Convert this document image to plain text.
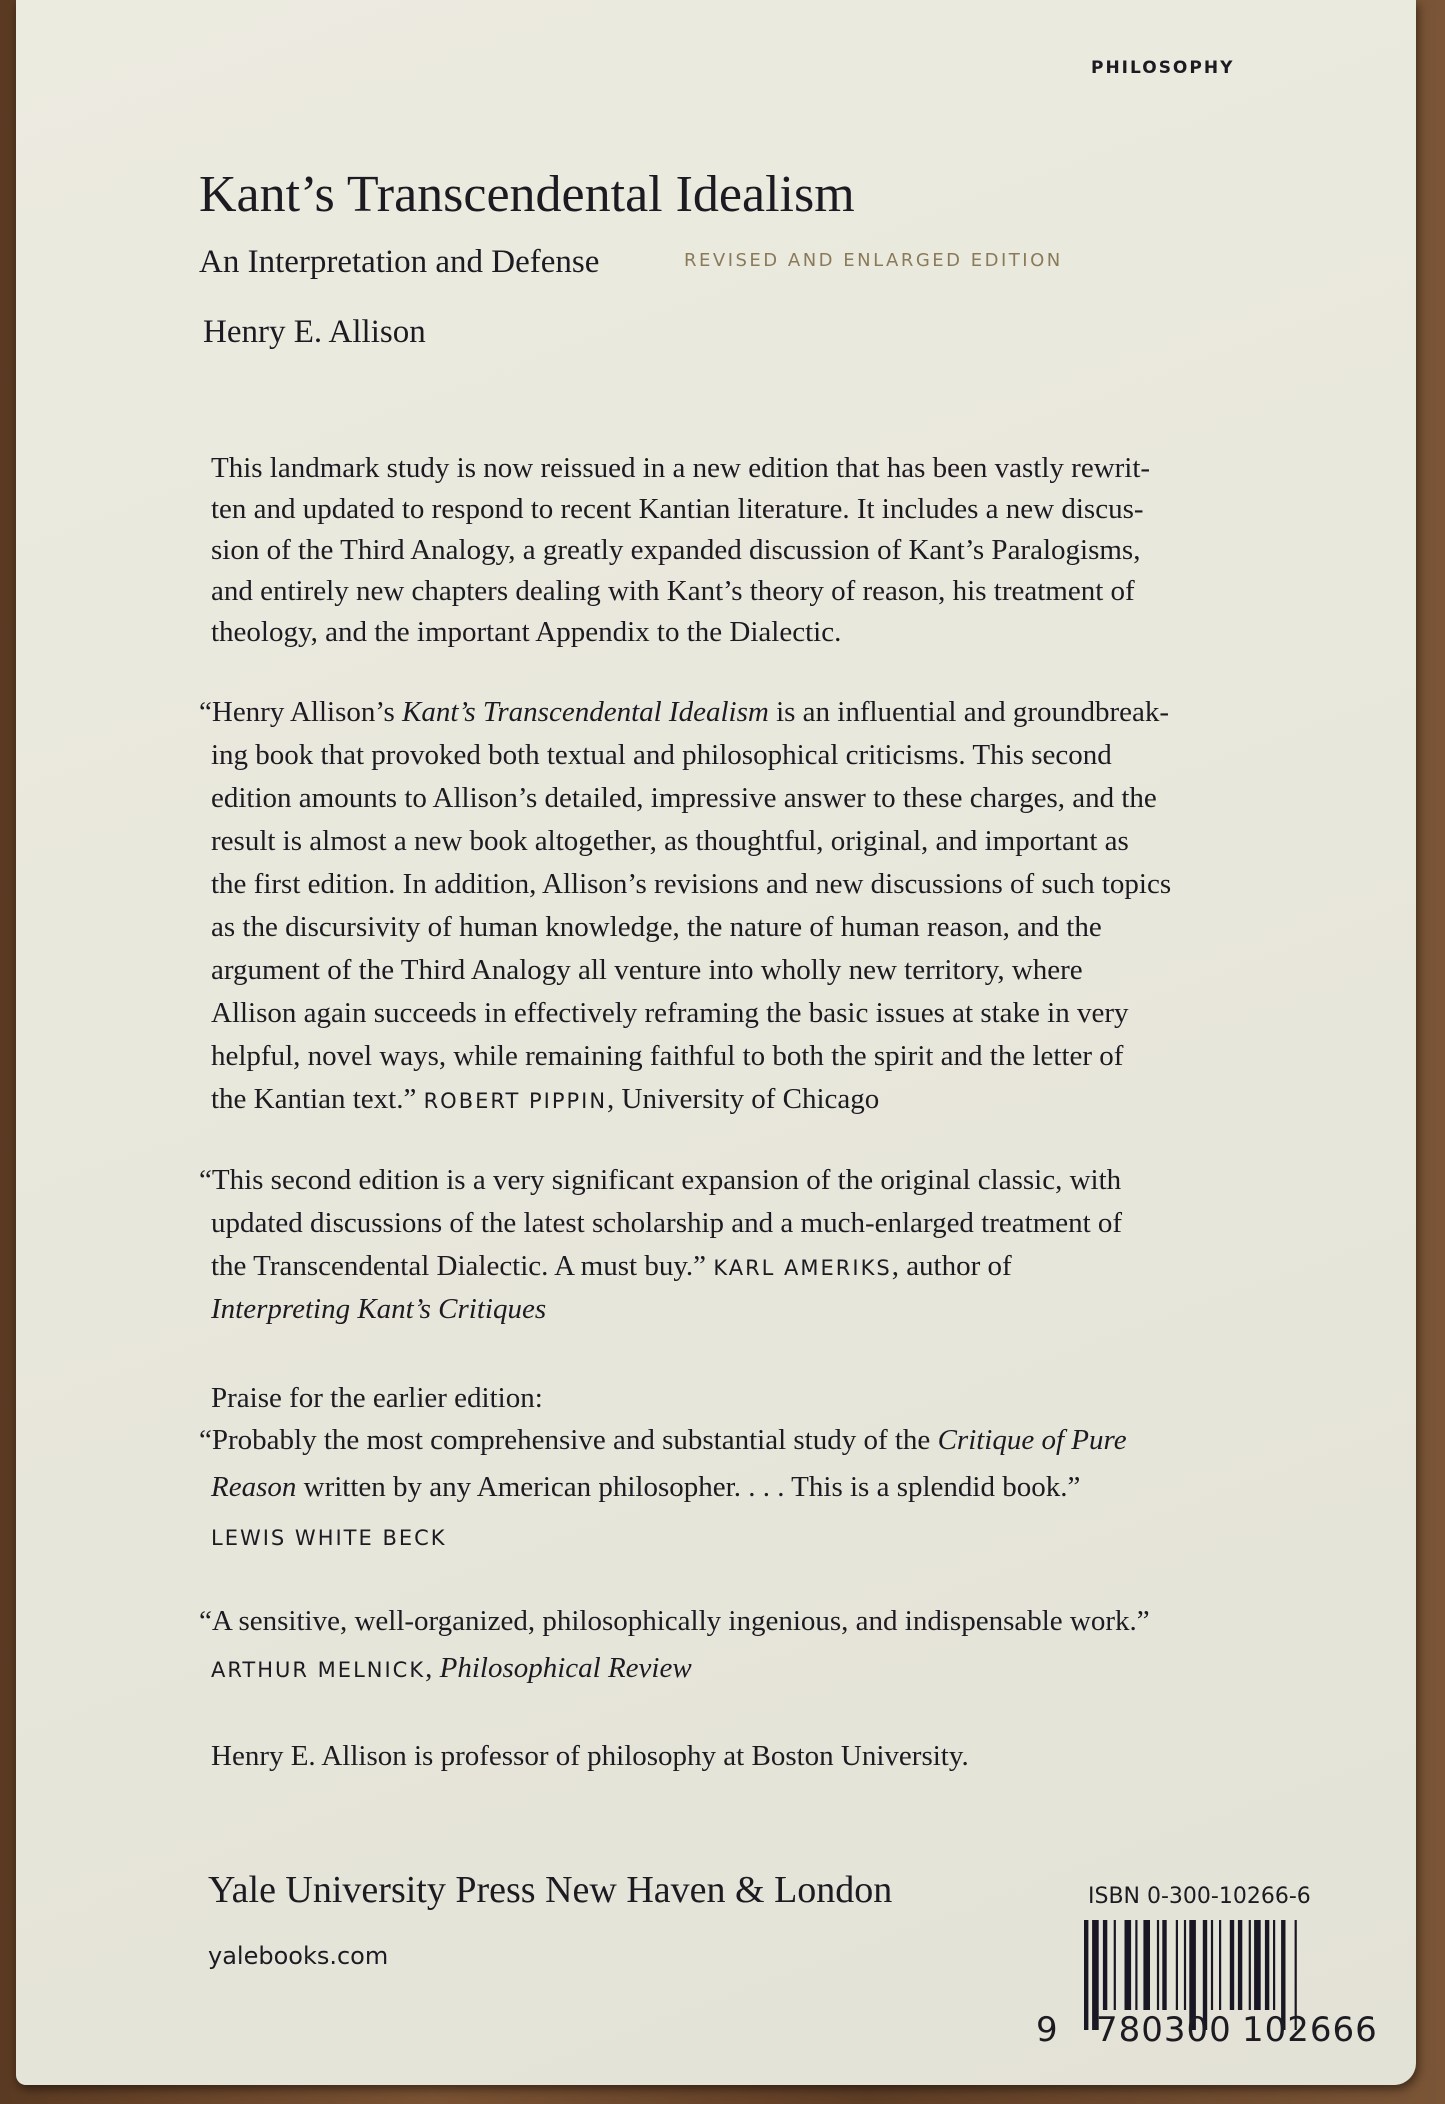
PHILOSOPHY
Kant’s Transcendental Idealism
An Interpretation and Defense	REVISED AND ENLARGED EDITION
Henry E. Allison
This landmark study is now reissued in a new edition that has been vastly rewrit-
ten and updated to respond to recent Kantian literature. It includes a new discus-
sion of the Third Analogy, a greatly expanded discussion of Kant’s Paralogisms,
and entirely new chapters dealing with Kant’s theory of reason, his treatment of
theology, and the important Appendix to the Dialectic.
“Henry Allison’s Kant’s Transcendental Idealism is an influential and groundbreak-
ing book that provoked both textual and philosophical criticisms. This second
edition amounts to Allison’s detailed, impressive answer to these charges, and the
result is almost a new book altogether, as thoughtful, original, and important as
the first edition. In addition, Allison’s revisions and new discussions of such topics
as the discursivity of human knowledge, the nature of human reason, and the
argument of the Third Analogy all venture into wholly new territory, where
Allison again succeeds in effectively reframing the basic issues at stake in very
helpful, novel ways, while remaining faithful to both the spirit and the letter of
the Kantian text.” ROBERT PIPPIN, University of Chicago
“This second edition is a very significant expansion of the original classic, with
updated discussions of the latest scholarship and a much-enlarged treatment of
the Transcendental Dialectic. A must buy.” KARL AMERIKS, author of
Interpreting Kant’s Critiques
Praise for the earlier edition:
“Probably the most comprehensive and substantial study of the Critique of Pure
Reason written by any American philosopher. . . . This is a splendid book.”
LEWIS WHITE BECK
“A sensitive, well-organized, philosophically ingenious, and indispensable work.”
ARTHUR MELNICK, Philosophical Review
Henry E. Allison is professor of philosophy at Boston University.
Yale University Press New Haven & London
yalebooks.com
ISBN 0-300-10266-6
9 780300 102666
